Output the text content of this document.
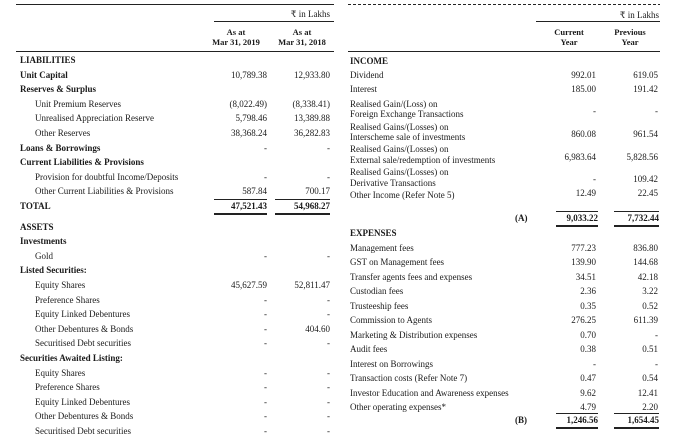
₹ in Lakhs
As at
Mar 31, 2019
As at
Mar 31, 2018
LIABILITIES
Unit Capital	10,789.38	12,933.80
Reserves & Surplus
Unit Premium Reserves	(8,022.49)	(8,338.41)
Unrealised Appreciation Reserve	5,798.46	13,389.88
Other Reserves	38,368.24	36,282.83
Loans & Borrowings	-	-
Current Liabilities & Provisions
Provision for doubtful Income/Deposits	-	-
Other Current Liabilities & Provisions	587.84	700.17
TOTAL	47,521.43	54,968.27
ASSETS
Investments
Gold	-	-
Listed Securities:
Equity Shares	45,627.59	52,811.47
Preference Shares	-	-
Equity Linked Debentures	-	-
Other Debentures & Bonds	-	404.60
Securitised Debt securities	-	-
Securities Awaited Listing:
Equity Shares	-	-
Preference Shares	-	-
Equity Linked Debentures	-	-
Other Debentures & Bonds	-	-
Securitised Debt securities	-	-
₹ in Lakhs
Current
Year
Previous
Year
INCOME
Dividend	992.01	619.05
Interest	185.00	191.42
Realised Gain/(Loss) on
Foreign Exchange Transactions	-	-
Realised Gains/(Losses) on
Interscheme sale of investments	860.08	961.54
Realised Gains/(Losses) on
External sale/redemption of investments	6,983.64	5,828.56
Realised Gains/(Losses) on
Derivative Transactions	-	109.42
Other Income (Refer Note 5)	12.49	22.45
(A)	9,033.22	7,732.44
EXPENSES
Management fees	777.23	836.80
GST on Management fees	139.90	144.68
Transfer agents fees and expenses	34.51	42.18
Custodian fees	2.36	3.22
Trusteeship fees	0.35	0.52
Commission to Agents	276.25	611.39
Marketing & Distribution expenses	0.70	-
Audit fees	0.38	0.51
Interest on Borrowings	-	-
Transaction costs (Refer Note 7)	0.47	0.54
Investor Education and Awareness expenses	9.62	12.41
Other operating expenses*	4.79	2.20
(B)	1,246.56	1,654.45
